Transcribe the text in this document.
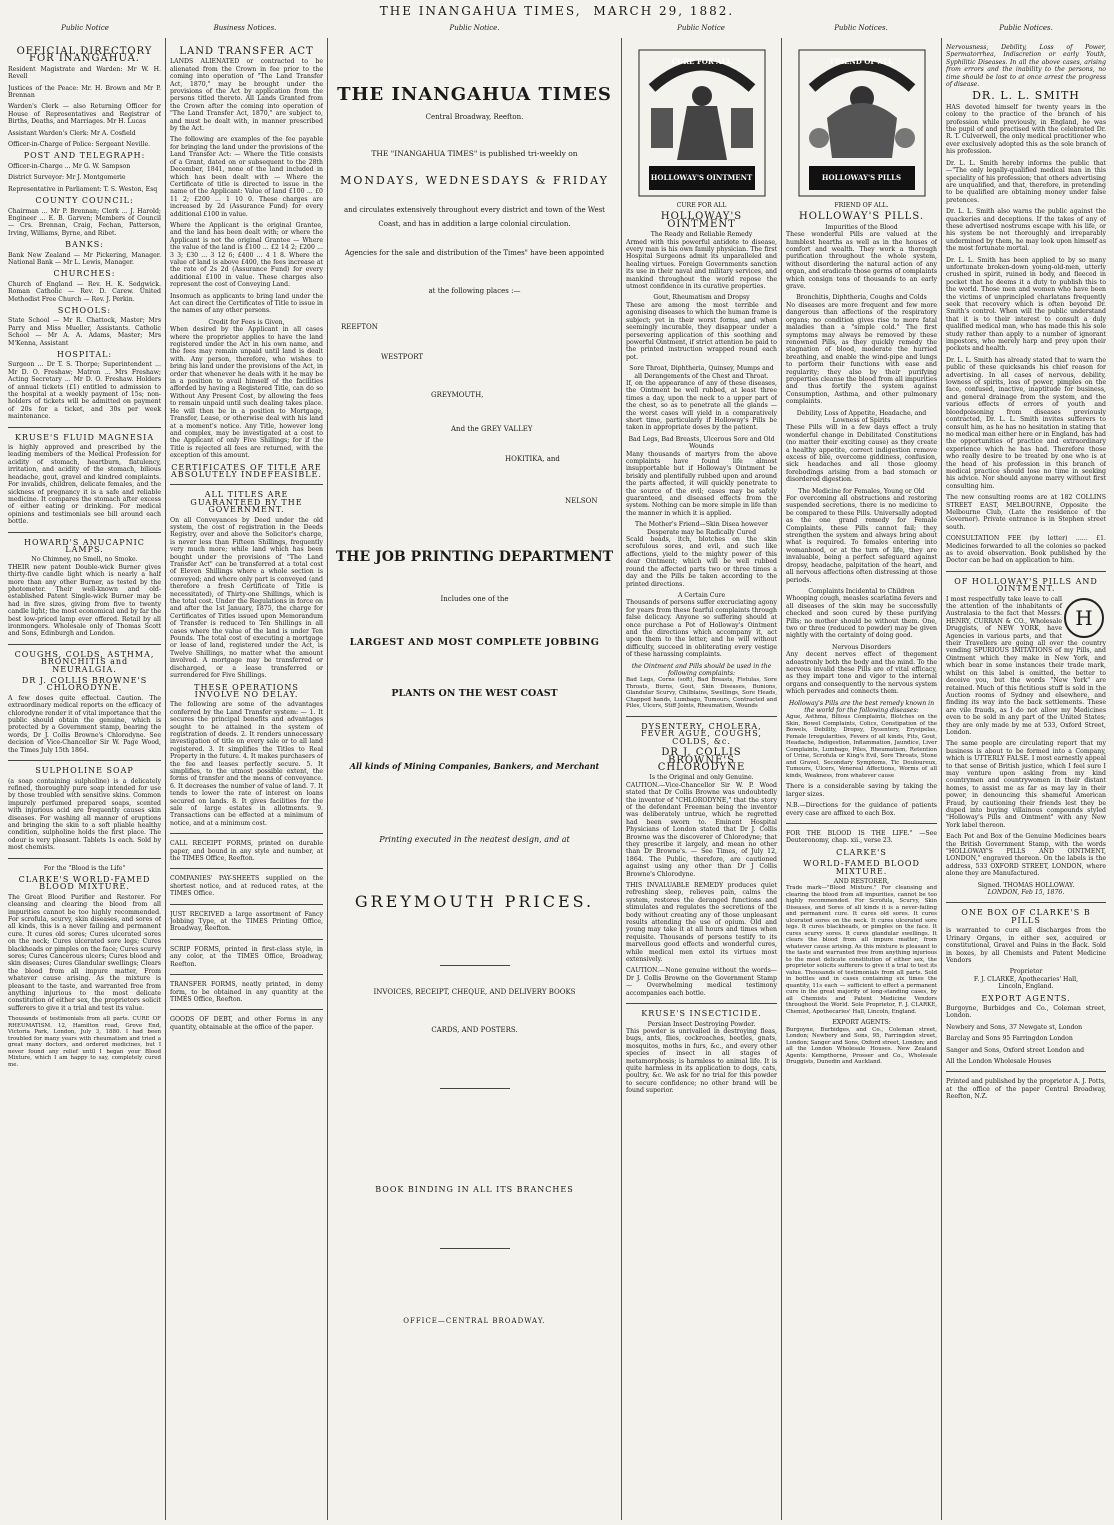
THE INANGAHUA TIMES, MARCH 29, 1882.
Public Notice	Business Notices.	Public Notice.	Public Notice	Public Notices.	Public Notices.
OFFICIAL DIRECTORY FOR INANGAHUA.

Resident Magistrate and Warden: Mr W. H. Revell

Justices of the Peace: Mr. H. Brown and Mr P. Brennan

Warden's Clerk — also Returning Officer for House of Representatives and Registrar of Births, Deaths, and Marriages. Mr H. Lucas

Assistant Warden's Clerk: Mr A. Cosfield

Officer-in-Charge of Police: Sergeant Neville.

POST AND TELEGRAPH:

Officer-in-Charge ... Mr G. W. Sampson

District Surveyor: Mr J. Montgomerie

Representative in Parliament: T. S. Weston, Esq

COUNTY COUNCIL:

Chairman ... Mr P. Brennan; Clerk ... J. Harold; Engineer ... E. B. Garven; Members of Council — Crs. Brennan, Craig, Fechan, Patterson, Irving, Williams, Byrne, and Ribet.

BANKS:

Bank New Zealand — Mr Pickering, Manager. National Bank — Mr L. Lewis, Manager.

CHURCHES:

Church of England — Rev. H. K. Sedgwick. Roman Catholic — Rev. D. Carew. United Methodist Free Church — Rev. J. Perkin.

SCHOOLS:

State School — Mr R. Chattock, Master; Mrs Parry and Miss Mueller, Assistants. Catholic School — Mr A. A. Adams, Master; Mrs M'Kenna, Assistant

HOSPITAL:

Surgeon ... Dr T. S. Thorpe; Superintendent ... Mr D. O. Freshaw; Matron ... Mrs Freshaw; Acting Secretary ... Mr D. O. Freshaw. Holders of annual tickets (£1) entitled to admission to the hospital at a weekly payment of 15s; non-holders of tickets will be admitted on payment of 20s for a ticket, and 30s per week maintenance.

KRUSE'S FLUID MAGNESIA

is highly approved and prescribed by the leading members of the Medical Profession for acidity of stomach, heartburn, flatulency, irritation, and acidity of the stomach, bilious headache, gout, gravel and kindred complaints. For invalids, children, delicate females, and the sickness of pregnancy it is a safe and reliable medicine. It compares the stomach after excess of either eating or drinking. For medical opinions and testimonials see bill around each bottle.

HOWARD'S ANUCAPNIC LAMPS.
No Chimney, no Smell, no Smoke.

THEIR new patent Double-wick Burner gives thirty-five candle light which is nearly a half more than any other Burner, as tested by the photometer. Their well-known and old-established Patent Single-wick Burner may be had in five sizes, giving from five to twenty candle light; the most economical and by far the best low-priced lamp ever offered. Retail by all ironmongers. Wholesale only of Thomas Scott and Sons, Edinburgh and London.

COUGHS, COLDS, ASTHMA, BRONCHITIS and NEURALGIA.
DR J. COLLIS BROWNE'S CHLORODYNE.

A few doses quite effectual. Caution. The extraordinary medical reports on the efficacy of chlorodyne render it of vital importance that the public should obtain the genuine, which is protected by a Government stamp, bearing the words, Dr J. Collis Browne's Chlorodyne. See decision of Vice-Chancellor Sir W. Page Wood, the Times July 15th 1864.

SULPHOLINE SOAP

(a soap containing sulpholine) is a delicately refined, thoroughly pure soap intended for use by those troubled with sensitive skins. Common impurely perfumed prepared soaps, scented with injurious acid are frequently causes skin diseases. For washing all manner of eruptions and bringing the skin to a soft pliable healthy condition, sulpholine holds the first place. The odour is very pleasant. Tablets 1s each. Sold by most chemists.

For the "Blood is the Life"
CLARKE'S WORLD-FAMED BLOOD MIXTURE.

The Great Blood Purifier and Restorer. For cleansing and clearing the blood from all impurities cannot be too highly recommended. For scrofula, scurvy, skin diseases, and sores of all kinds, this is a never failing and permanent cure. It cures old sores; Cures ulcerated sores on the neck; Cures ulcerated sore legs; Cures blackheads or pimples on the face; Cures scurvy sores; Cures Cancerous ulcers; Cures blood and skin diseases; Cures Glandular swellings; Clears the blood from all impure matter, From whatever cause arising. As the mixture is pleasant to the taste, and warranted free from anything injurious to the most delicate constitution of either sex, the proprietors solicit sufferers to give it a trial and test its value.

Thousands of testimonials from all parts. CURE OF RHEUMATISM. 12, Hamilton road, Grove End, Victoria Park, London, July 3, 1880. I had been troubled for many years with rheumatism and tried a great many doctors, and ordered medicines, but I never found any relief until I began your Blood Mixture, which I am happy to say, completely cured me.

LAND TRANSFER ACT

LANDS ALIENATED or contracted to be alienated from the Crown in fee prior to the coming into operation of "The Land Transfer Act, 1870," may be brought under the provisions of the Act by application from the persons titled thereto. All Lands Granted from the Crown after the coming into operation of "The Land Transfer Act, 1870," are subject to, and must be dealt with, in manner prescribed by the Act.

The following are examples of the fee payable for bringing the land under the provisions of the Land Transfer Act: — Where the Title consists of a Grant, dated on or subsequent to the 28th December, 1841, none of the land included in which has been dealt with — Where the Certificate of title is directed to issue in the name of the Applicant: Value of land £100 ... £0 11 2; £200 ... 1 10 0. These charges are increased by 2d (Assurance Fund) for every additional £100 in value.

Where the Applicant is the original Grantee, and the land has been dealt with; or where the Applicant is not the original Grantee — Where the value of the land is £100 ... £2 14 2; £200 ... 3 3; £30 ... 3 12 6; £400 ... 4 1 8. Where the value of land is above £400, the fees increase at the rate of 2s 2d (Assurance Fund) for every additional £100 in value. These charges also represent the cost of Conveying Land.

Insomuch as applicants to bring land under the Act can direct the Certificates of Title to issue in the names of any other persons.

Credit for Fees is Given,

When desired by the Applicant in all cases where the proprietor applies to have the land registered under the Act in his own name, and the fees may remain unpaid until land is dealt with. Any person, therefore, who wishes to bring his land under the provisions of the Act, in order that whenever he deals with it he may be in a position to avail himself of the facilities afforded by having a Registered Title, can do so Without Any Present Cost, by allowing the fees to remain unpaid until such dealing takes place. He will then be in a position to Mortgage, Transfer, Lease, or otherwise deal with his land at a moment's notice. Any Title, however long and complex, may be investigated at a cost to the Applicant of only Five Shillings; for if the Title is rejected all fees are returned, with the exception of this amount.

CERTIFICATES OF TITLE ARE ABSOLUTELY INDEFEASIBLE.
ALL TITLES ARE GUARANTEED BY THE GOVERNMENT.

On all Conveyances by Deed under the old system, the cost of registration in the Deeds Registry, over and above the Solicitor's charge, is never less than Fifteen Shillings, frequently very much more; while land which has been bought under the provisions of "The Land Transfer Act" can be transferred at a total cost of Eleven Shillings where a whole section is conveyed; and where only part is conveyed (and therefore a fresh Certificate of Title is necessitated), of Thirty-one Shillings, which is the total cost. Under the Regulations in force on and after the 1st January, 1875, the charge for Certificates of Titles issued upon Memorandum of Transfer is reduced to Ten Shillings in all cases where the value of the land is under Ten Pounds. The total cost of executing a mortgage or lease of land, registered under the Act, is Twelve Shillings, no matter what the amount involved. A mortgage may be transferred or discharged, or a lease transferred or surrendered for Five Shillings.

THESE OPERATIONS INVOLVE NO DELAY.

The following are some of the advantages conferred by the Land Transfer system: — 1. It secures the principal benefits and advantages sought to be attained in the system of registration of deeds. 2. It renders unnecessary investigation of title on every sale or to all land registered. 3. It simplifies the Titles to Real Property in the future. 4. It makes purchasers of the fee and leases perfectly secure. 5. It simplifies, to the utmost possible extent, the forms of transfer and the means of conveyance. 6. It decreases the number of value of land. 7. It tends to lower the rate of interest on loans secured on lands. 8. It gives facilities for the sale of large estates in allotments. 9. Transactions can be effected at a minimum of notice, and at a minimum cost.

CALL RECEIPT FORMS, printed on durable paper, and bound in any style and number, at the TIMES Office, Reefton.

COMPANIES' PAY-SHEETS supplied on the shortest notice, and at reduced rates, at the TIMES Office.

JUST RECEIVED a large assortment of Fancy Jobbing Type, at the TIMES Printing Office, Broadway, Reefton.

SCRIP FORMS, printed in first-class style, in any color, at the TIMES Office, Broadway, Reefton.

TRANSFER FORMS, neatly printed, in demy form, to be obtained in any quantity at the TIMES Office, Reefton.

GOODS OF DEBT, and other Forms in any quantity, obtainable at the office of the paper.

THE INANGAHUA TIMES
Central Broadway, Reefton.
THE "INANGAHUA TIMES" is published tri-weekly on
MONDAYS, WEDNESDAYS & FRIDAY
and circulates extensively throughout every district and town of the West Coast, and has in addition a large colonial circulation.
Agencies for the sale and distribution of the Times" have been appointed
at the following places :—
REEFTON
WESTPORT
GREYMOUTH,
And the GREY VALLEY
HOKITIKA, and
NELSON
THE JOB PRINTING DEPARTMENT
Includes one of the
LARGEST AND MOST COMPLETE JOBBING
PLANTS ON THE WEST COAST
All kinds of Mining Companies, Bankers, and Merchant
Printing executed in the neatest design, and at
GREYMOUTH PRICES.
INVOICES, RECEIPT, CHEQUE, AND DELIVERY BOOKS
CARDS, AND POSTERS.
BOOK BINDING IN ALL ITS BRANCHES
OFFICE—CENTRAL BROADWAY.
CURE FOR ALL
HOLLOWAY'S OINTMENT
CURE FOR ALL
HOLLOWAY'S OINTMENT
The Ready and Reliable Remedy

Armed with this powerful antidote to disease, every man is his own family physician. The first Hospital Surgeons admit its unparalleled and healing virtues. Foreign Governments sanction its use in their naval and military services, and mankind throughout the world repose the utmost confidence in its curative properties.

Gout, Rheumatism and Dropsy

These are among the most terrible and agonising diseases to which the human frame is subject; yet in their worst forms, and when seemingly incurable, they disappear under a persevering application of this soothing and powerful Ointment, if strict attention be paid to the printed instruction wrapped round each pot.

Sore Throat, Diphtheria, Quinsey, Mumps and all Derangements of the Chest and Throat.

If, on the appearance of any of these diseases, the Ointment be well rubbed, at least three times a day, upon the neck to a upper part of the chest, so as to penetrate all the glands — the worst cases will yield in a comparatively short time, particularly if Holloway's Pills be taken in appropriate doses by the patient.

Bad Legs, Bad Breasts, Ulcerous Sore and Old Wounds

Many thousands of martyrs from the above complaints have found life almost insupportable but if Holloway's Ointment be briskly and plentifully rubbed upon and around the parts affected, it will quickly penetrate to the source of the evil; cases may be safely guaranteed, and diseased effects from the system. Nothing can be more simple in life than the manner in which it is applied.

The Mother's Friend—Skin Disea however Desperate may be Radically Cured

Scald heads, itch, blotches on the skin scrofulous sores, and evil, and such like affections, yield to the mighty power of this dear Ointment; which will be well rubbed round the affected parts two or three times a day and the Pills be taken according to the printed directions.

A Certain Cure

Thousands of persons suffer excruciating agony for years from these fearful complaints through false delicacy. Anyone so suffering should at once purchase a Pot of Holloway's Ointment and the directions which accompany it, act upon them to the letter, and he will without difficulty, succeed in obliterating every vestige of these harassing complaints.

the Ointment and Pills should be used in the following complaints:

Bad Legs, Corns (soft), Bad Breasts, Fistulas, Sore Throats, Burns, Gout, Skin Diseases, Bunions, Glandular Scurvy, Chilblains, Swellings, Sore Heads, Chapped hands, Lumbago, Tumours, Contracted and Piles, Ulcers, Stiff Joints, Rheumatism, Wounds

DYSENTERY, CHOLERA, FEVER AGUE, COUGHS, COLDS, &c.
DR J. COLLIS BROWNE'S CHLORODYNE
Is the Original and only Genuine.

CAUTION.—Vice-Chancellor Sir W. P. Wood stated that Dr Collis Browne was undoubtedly the inventor of "CHLORODYNE," that the story of the defendant Freeman being the inventor was deliberately untrue, which he regretted had been sworn to. Eminent Hospital Physicians of London stated that Dr J. Collis Browne was the discoverer of Chlorodyne; that they prescribe it largely, and mean no other than Dr Browne's. — See Times, of July 12, 1864. The Public, therefore, are cautioned against using any other than Dr J Collis Browne's Chlorodyne.

THIS INVALUABLE REMEDY produces quiet refreshing sleep, relieves pain, calms the system, restores the deranged functions and stimulates and regulates the secretions of the body without creating any of those unpleasant results attending the use of opium. Old and young may take it at all hours and times when requisite. Thousands of persons testify to its marvellous good effects and wonderful cures, while medical men extol its virtues most extensively.

CAUTION.—None genuine without the words—Dr J. Collis Browne on the Government Stamp — Overwhelming medical testimony accompanies each bottle.

KRUSE'S INSECTICIDE.
Persian Insect Destroying Powder.

This powder is unrivalled in destroying fleas, bugs, ants, flies, cockroaches, beetles, gnats, mosquitos, moths in furs, &c., and every other species of insect in all stages of metamorphosis; is harmless to animal life. It is quite harmless in its application to dogs, cats, poultry, &c. We ask for no trial for this powder to secure confidence; no other brand will be found superior.

FRIEND OF ALL
HOLLOWAY'S PILLS
FRIEND OF ALL.
HOLLOWAY'S PILLS.
Impurities of the Blood

These wonderful Pills are valued at the humblest hearths as well as in the houses of comfort and wealth. They work a thorough purification throughout the whole system, without disordering the natural action of any organ, and eradicate those germs of complaints which consign tens of thousands to an early grave.

Bronchitis, Diphtheria, Coughs and Colds

No diseases are more frequent and few more dangerous than affections of the respiratory organs; no condition gives rise to more fatal maladies than a "simple cold." The first symptoms may always be removed by these renowned Pills, as they quickly remedy the stagnation of blood, moderate the hurried breathing, and enable the wind-pipe and lungs to perform their functions with ease and regularity; they also by their purifying properties cleanse the blood from all impurities and thus fortify the system against Consumption, Asthma, and other pulmonary complaints.

Debility, Loss of Appetite, Headache, and Lowness of Spirits

These Pills will in a few days effect a truly wonderful change in Debilitated Constitutions (no matter their exciting cause) as they create a healthy appetite, correct indigestion remove excess of bile, overcome giddiness, confusion, sick headaches and all those gloomy forebodings arising from a bad stomach or disordered digestion.

The Medicine for Females, Young or Old

For overcoming all obstructions and restoring suspended secretions, there is no medicine to be compared to these Pills. Universally adopted as the one grand remedy for Female Complaints, these Pills cannot fail; they strengthen the system and always bring about what is required. To females entering into womanhood, or at the turn of life, they are invaluable, being a perfect safeguard against dropsy, headache, palpitation of the heart, and all nervous affections often distressing at those periods.

Complaints Incidental to Children

Whooping cough, measles scarlatina fevers and all diseases of the skin may be successfully checked and soon cured by these purifying Pills; no mother should be without them. One, two or three (reduced to powder) may be given nightly with the certainty of doing good.

Nervous Disorders

Any decent nerves effect of thegement adoastronly both the body and the mind. To the nervous invalid these Pills are of vital efficacy, as they impart tone and vigor to the internal organs and consequently to the nervous system which pervades and connects them.

Holloway's Pills are the best remedy known in the world for the following diseases:

Ague, Asthma, Bilious Complaints, Blotches on the Skin, Bowel Complaints, Colics, Constipation of the Bowels, Debility, Dropsy, Dysentery, Erysipelas, Female Irregularities, Fevers of all kinds, Fits, Gout, Headache, Indigestion, Inflammation, Jaundice, Liver Complaints, Lumbago, Piles, Rheumatism, Retention of Urine, Scrofula or King's Evil, Sore Throats, Stone and Gravel, Secondary Symptoms, Tic Douloureux, Tumours, Ulcers, Venereal Affections, Worms of all kinds, Weakness, from whatever cause

There is a considerable saving by taking the larger sizes.

N.B.—Directions for the guidance of patients every case are affixed to each Box.

FOR THE BLOOD IS THE LIFE." —See Deuteronomy, chap. xii., verse 23.

CLARKE'S
WORLD-FAMED BLOOD MIXTURE.
AND RESTORER,

Trade mark—"Blood Mixture." For cleansing and clearing the blood from all impurities, cannot be too highly recommended. For Scrofula, Scurvy, Skin Diseases, and Sores of all kinds it is a never-failing and permanent cure. It cures old sores. It cures ulcerated sores on the neck. It cures ulcerated sore legs. It cures blackheads, or pimples on the face. It cures scurvy sores. It cures glandular swellings. It clears the blood from all impure matter, from whatever cause arising. As this mixture is pleasant to the taste and warranted free from anything injurious to the most delicate constitution of either sex, the proprietor solicits sufferers to give it a trial to test its value. Thousands of testimonials from all parts. Sold in bottles and in cases containing six times the quantity, 11s each — sufficient to effect a permanent cure in the great majority of long-standing cases, by all Chemists and Patent Medicine Vendors throughout the World. Sole Proprietor, F. J. CLARKE, Chemist, Apothecaries' Hall, Lincoln, England.

EXPORT AGENTS:

Burgoyne, Burbidges, and Co., Coleman street, London; Newbery and Sons, 95, Farringdon street, London; Sanger and Sons, Oxford street, London; and all the London Wholesale Houses. New Zealand Agents: Kempthorne, Prosser and Co., Wholesale Druggists, Dunedin and Auckland.

Nervousness, Debility, Loss of Power, Spermatorrhea, Indiscretion or early Youth, Syphilitic Diseases. In all the above cases, arising from errors and the inability to the persons, no time should be lost to at once arrest the progress of disease.

DR. L. L. SMITH

HAS devoted himself for twenty years in the colony to the practice of the branch of his profession while previously, in England, he was the pupil of and practised with the celebrated Dr. R. T. Culverwell, the only medical practitioner who ever exclusively adopted this as the sole branch of his profession.

Dr. L. L. Smith hereby informs the public that—"The only legally-qualified medical man in this speciality of his profession; that others advertising are unqualified, and that, therefore, in pretending to be qualified are obtaining money under false pretences.

Dr. L. L. Smith also warns the public against the quackeries and deceptions. If the takes of any of these advertised nostrums escape with his life, or his system be not thoroughly and irreparably undermined by them, he may look upon himself as the most fortunate mortal.

Dr. L. L. Smith has been applied to by so many unfortunate broken-down young-old-men, utterly crushed in spirit, ruined in body, and fleeced in pocket that he deems it a duty to publish this to the world. Those men and women who have been the victims of unprincipled charlatans frequently seek that recovery which is often beyond Dr. Smith's control. When will the public understand that it is to their interest to consult a duly qualified medical man, who has made this his sole study rather than apply to a number of ignorant impostors, who merely harp and prey upon their pockets and health.

Dr. L. L. Smith has already stated that to warn the public of these quicksands his chief reason for advertising. In all cases of nervous, debility, lowness of spirits, loss of power, pimples on the face, confused, inactive, inaptitude for business, and general drainage from the system, and the various effects of errors of youth and bloodpoisoning from diseases previously contracted, Dr. L. L. Smith invites sufferers to consult him, as he has no hesitation in stating that no medical man either here or in England, has had the opportunities of practice and extraordinary experience which he has had. Therefore those who really desire to be treated by one who is at the head of his profession in this branch of medical practice should lose no time in seeking his advice. Nor should anyone marry without first consulting him.

The new consulting rooms are at 182 COLLINS STREET EAST, MELBOURNE, Opposite the Melbourne Club, (Late the residence of the Governor). Private entrance is in Stephen street south.

CONSULTATION FEE (by letter) ...... £1. Medicines forwarded to all the colonies so packed as to avoid observation. Book published by the Doctor can be had on application to him.

OF HOLLOWAY'S PILLS AND OINTMENT.
H

I most respectfully take leave to call the attention of the inhabitants of Australasia to the fact that Messrs. HENRY, CURRAN & CO., Wholesale Druggists, of NEW YORK, have Agencies in various parts, and that their Travellers are going all over the country vending SPURIOUS IMITATIONS of my Pills, and Ointment which they make in New York, and which bear in some instances their trade mark, whilst on this label is omitted, the better to deceive you, but the words "New York" are retained. Much of this fictitious stuff is sold in the Auction rooms of Sydney and elsewhere, and finding its way into the back settlements. These are vile frauds, as I do not allow my Medicines even to be sold in any part of the United States; they are only made by me at 533, Oxford Street, London.

The same people are circulating report that my business is about to be formed into a Company, which is UTTERLY FALSE. I most earnestly appeal to that sense of British justice, which I feel sure I may venture upon asking from my kind countrymen and countrywomen in their distant homes, to assist me as far as may lay in their power, in denouncing this shameful American Fraud, by cautioning their friends lest they be duped into buying villainous compounds styled "Holloway's Pills and Ointment" with any New York label thereon.

Each Pot and Box of the Genuine Medicines bears the British Government Stamp, with the words "HOLLOWAY'S PILLS AND OINTMENT, LONDON," engraved thereon. On the labels is the address, 533 OXFORD STREET, LONDON, where alone they are Manufactured.

Signed. THOMAS HOLLOWAY.
LONDON, Feb 15, 1876.
ONE BOX OF CLARKE'S B PILLS

is warranted to cure all discharges from the Urinary Organs, in either sex, acquired or constitutional, Gravel and Pains in the Back. Sold in boxes, by all Chemists and Patent Medicine Vendors

Proprietor
F. J. CLARKE, Apothecaries' Hall,
Lincoln, England.
EXPORT AGENTS.

Burgoyne, Burbidges and Co., Coleman street, London.

Newbery and Sons, 37 Newgate st, London

Barclay and Sons 95 Farringdon London

Sanger and Sons, Oxford street London and

All the London Wholesale Houses

Printed and published by the proprietor A. J. Potts, at the office of the paper Central Broadway, Reefton, N.Z.
